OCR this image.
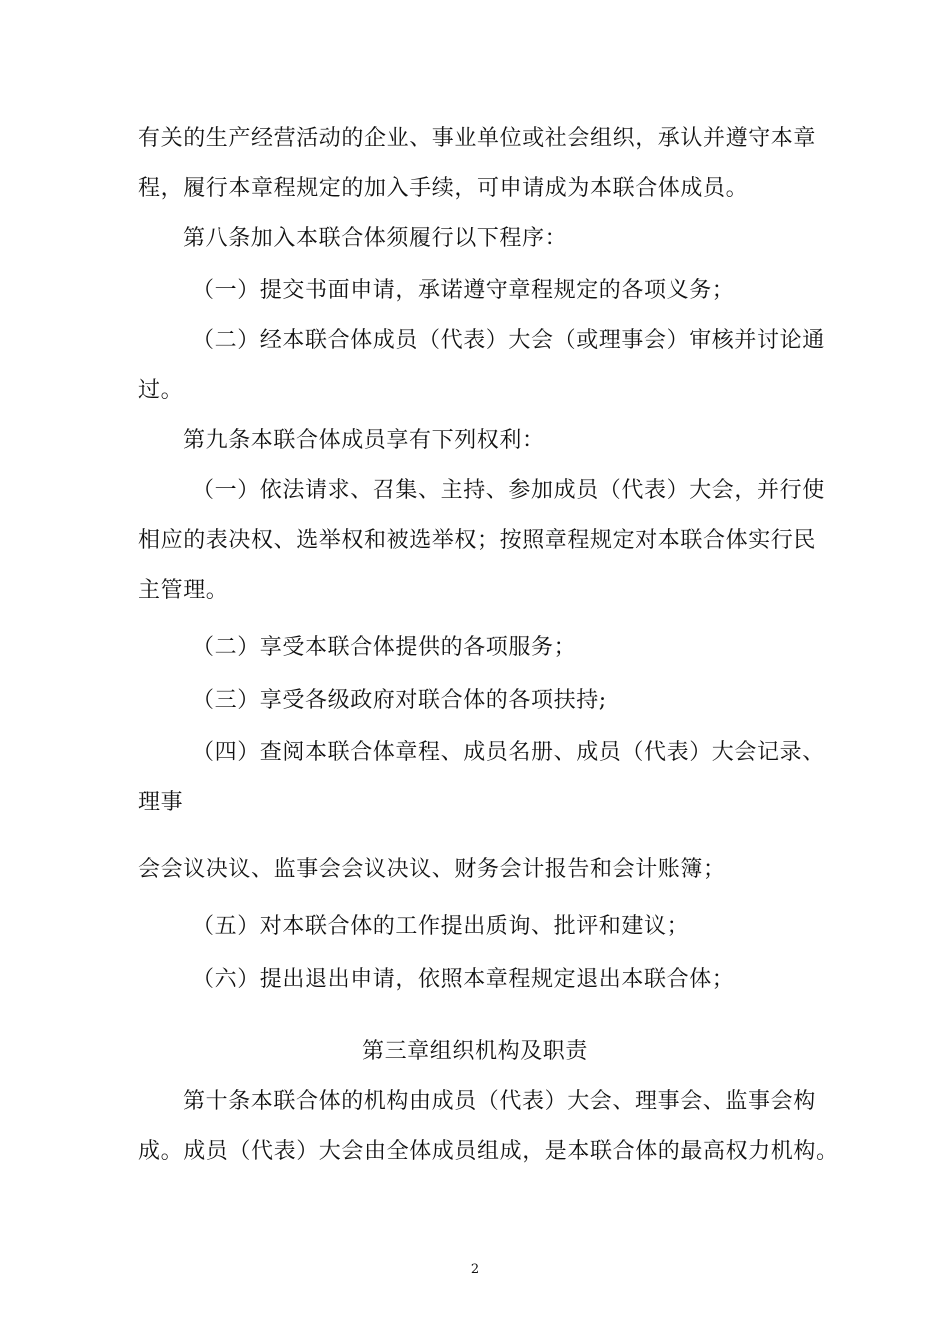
有关的生产经营活动的企业、事业单位或社会组织，承认并遵守本章
程，履行本章程规定的加入手续，可申请成为本联合体成员。
第八条加入本联合体须履行以下程序：
（一）提交书面申请，承诺遵守章程规定的各项义务；
（二）经本联合体成员（代表）大会（或理事会）审核并讨论通
过。
第九条本联合体成员享有下列权利：
（一）依法请求、召集、主持、参加成员（代表）大会，并行使
相应的表决权、选举权和被选举权；按照章程规定对本联合体实行民
主管理。
（二）享受本联合体提供的各项服务；
（三）享受各级政府对联合体的各项扶持;
（四）查阅本联合体章程、成员名册、成员（代表）大会记录、
理事
会会议决议、监事会会议决议、财务会计报告和会计账簿；
（五）对本联合体的工作提出质询、批评和建议；
（六）提出退出申请，依照本章程规定退出本联合体；
第三章组织机构及职责
第十条本联合体的机构由成员（代表）大会、理事会、监事会构
成。成员（代表）大会由全体成员组成，是本联合体的最高权力机构。
2
